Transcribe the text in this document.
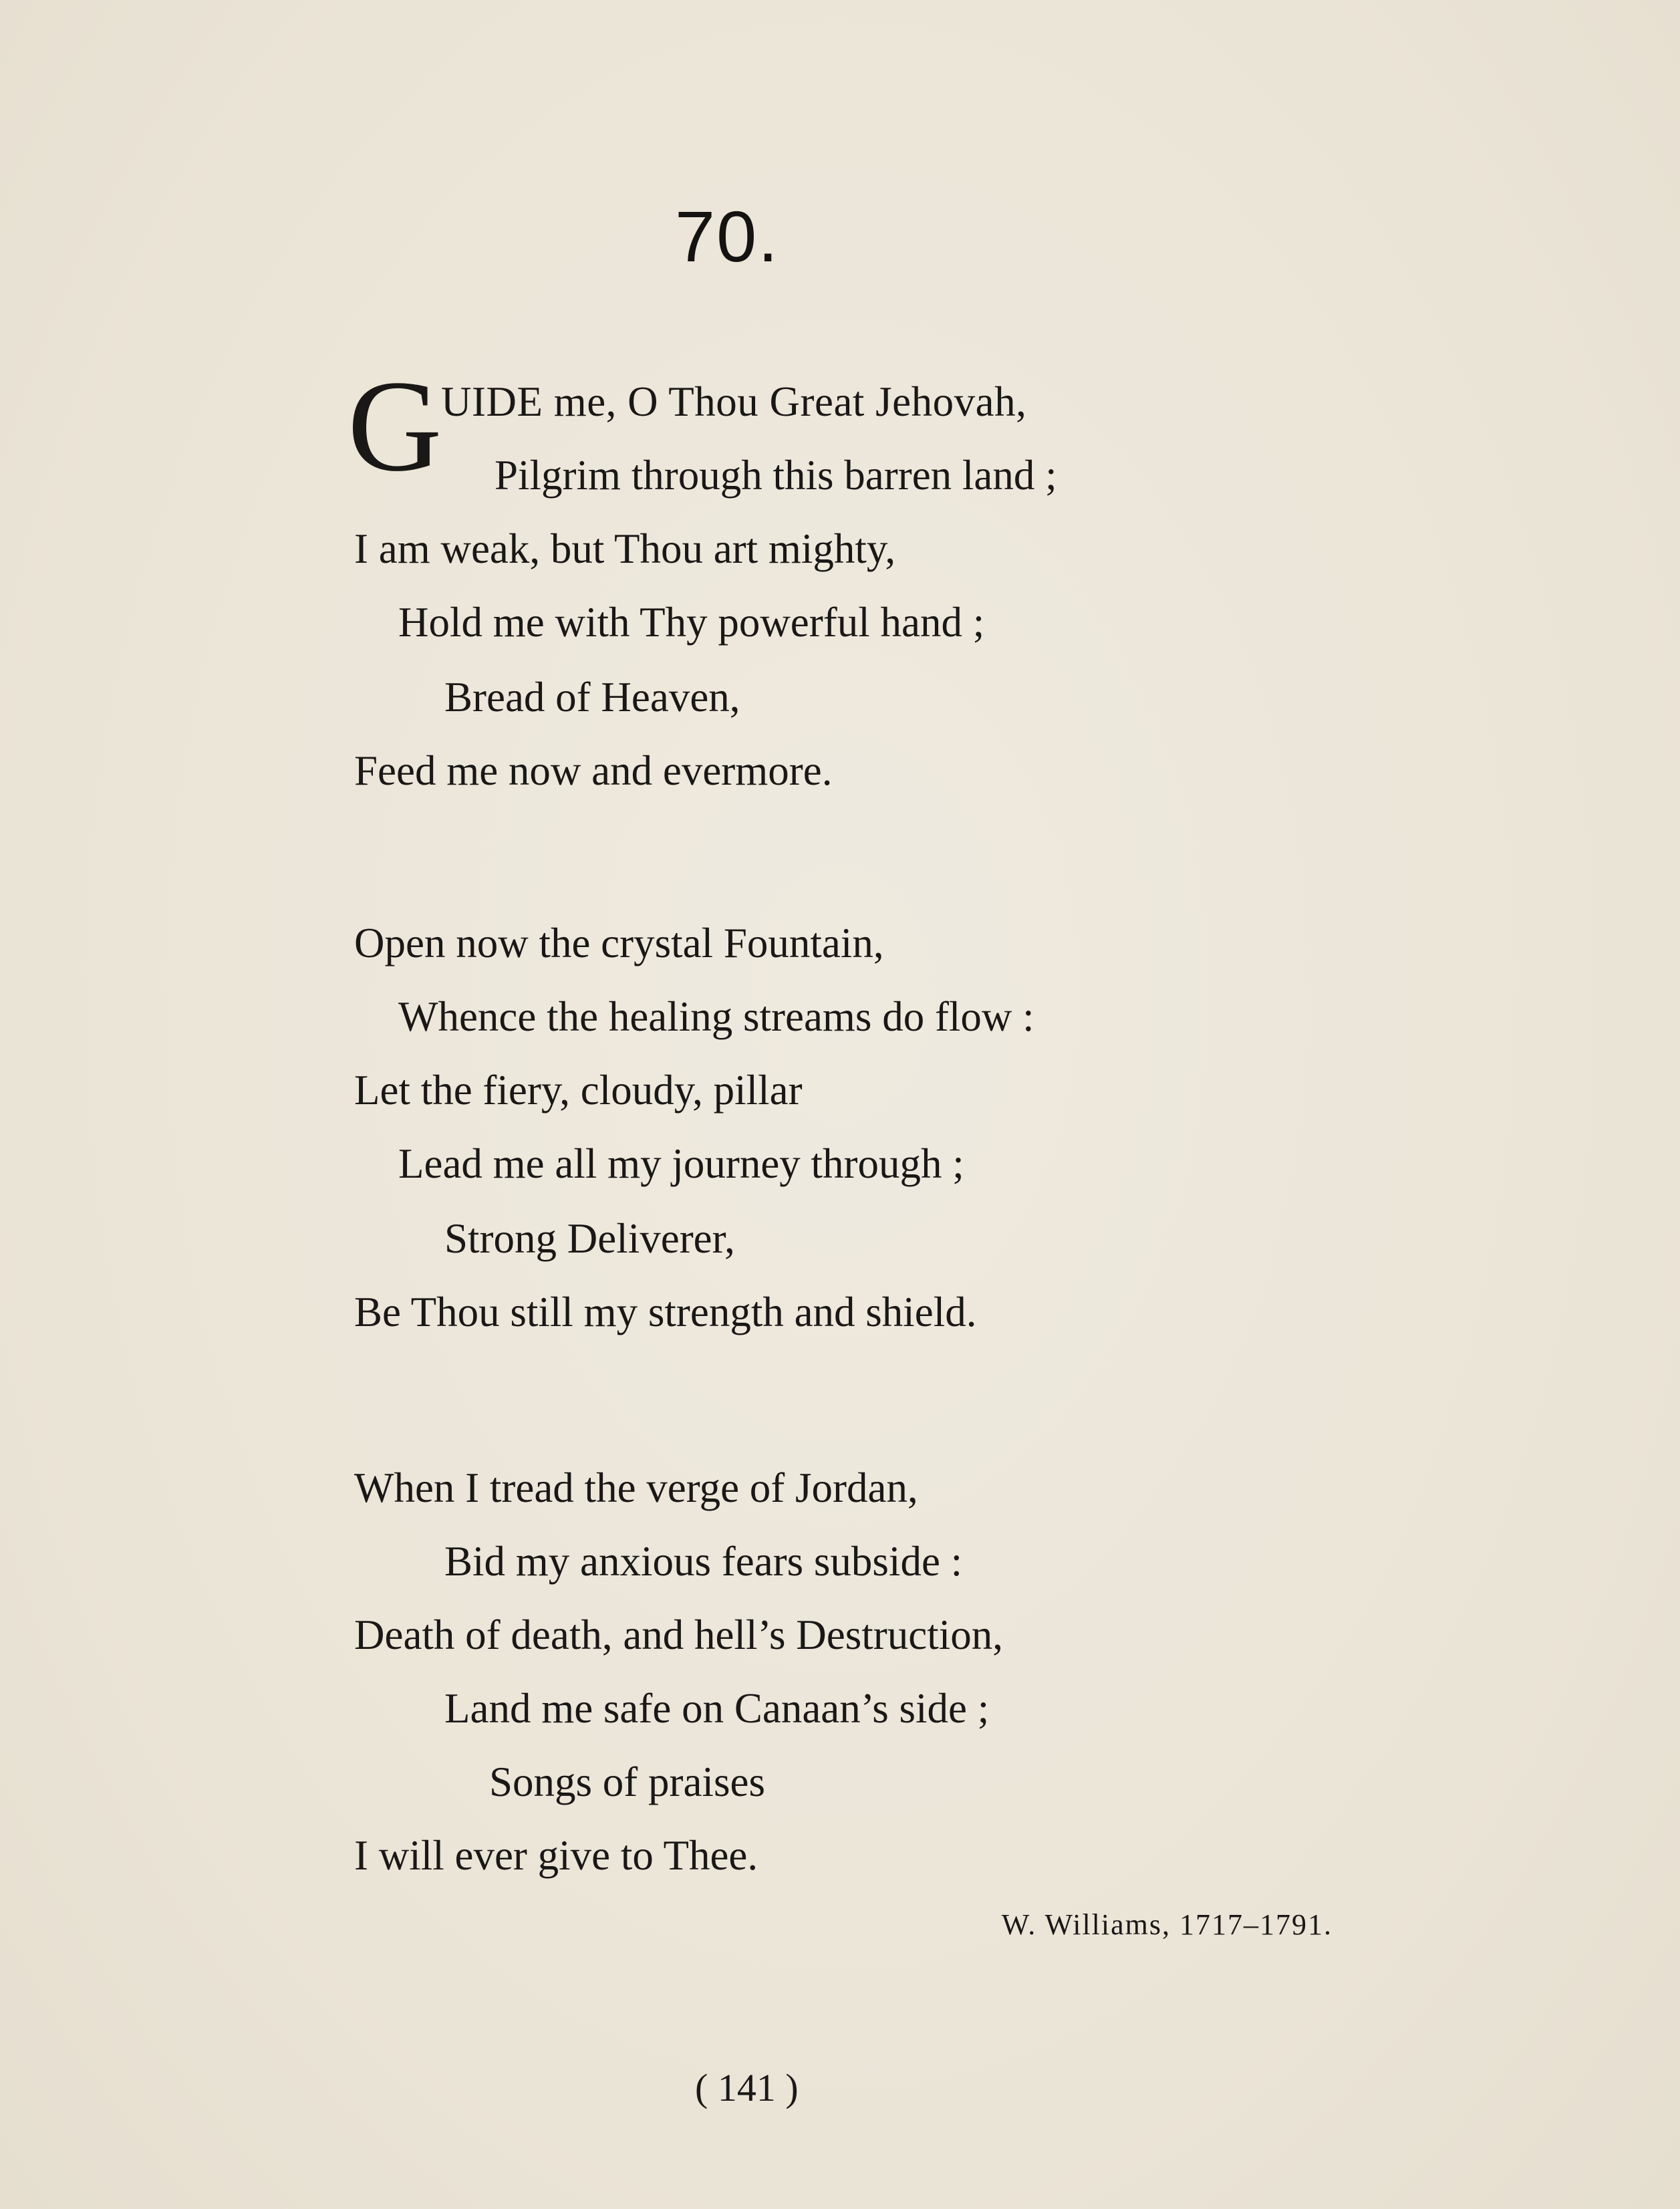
70.
G
UIDE me, O Thou Great Jehovah,
Pilgrim through this barren land ;
I am weak, but Thou art mighty,
Hold me with Thy powerful hand ;
Bread of Heaven,
Feed me now and evermore.
Open now the crystal Fountain,
Whence the healing streams do flow :
Let the fiery, cloudy, pillar
Lead me all my journey through ;
Strong Deliverer,
Be Thou still my strength and shield.
When I tread the verge of Jordan,
Bid my anxious fears subside :
Death of death, and hell’s Destruction,
Land me safe on Canaan’s side ;
Songs of praises
I will ever give to Thee.
W. Williams, 1717–1791.
( 141 )
